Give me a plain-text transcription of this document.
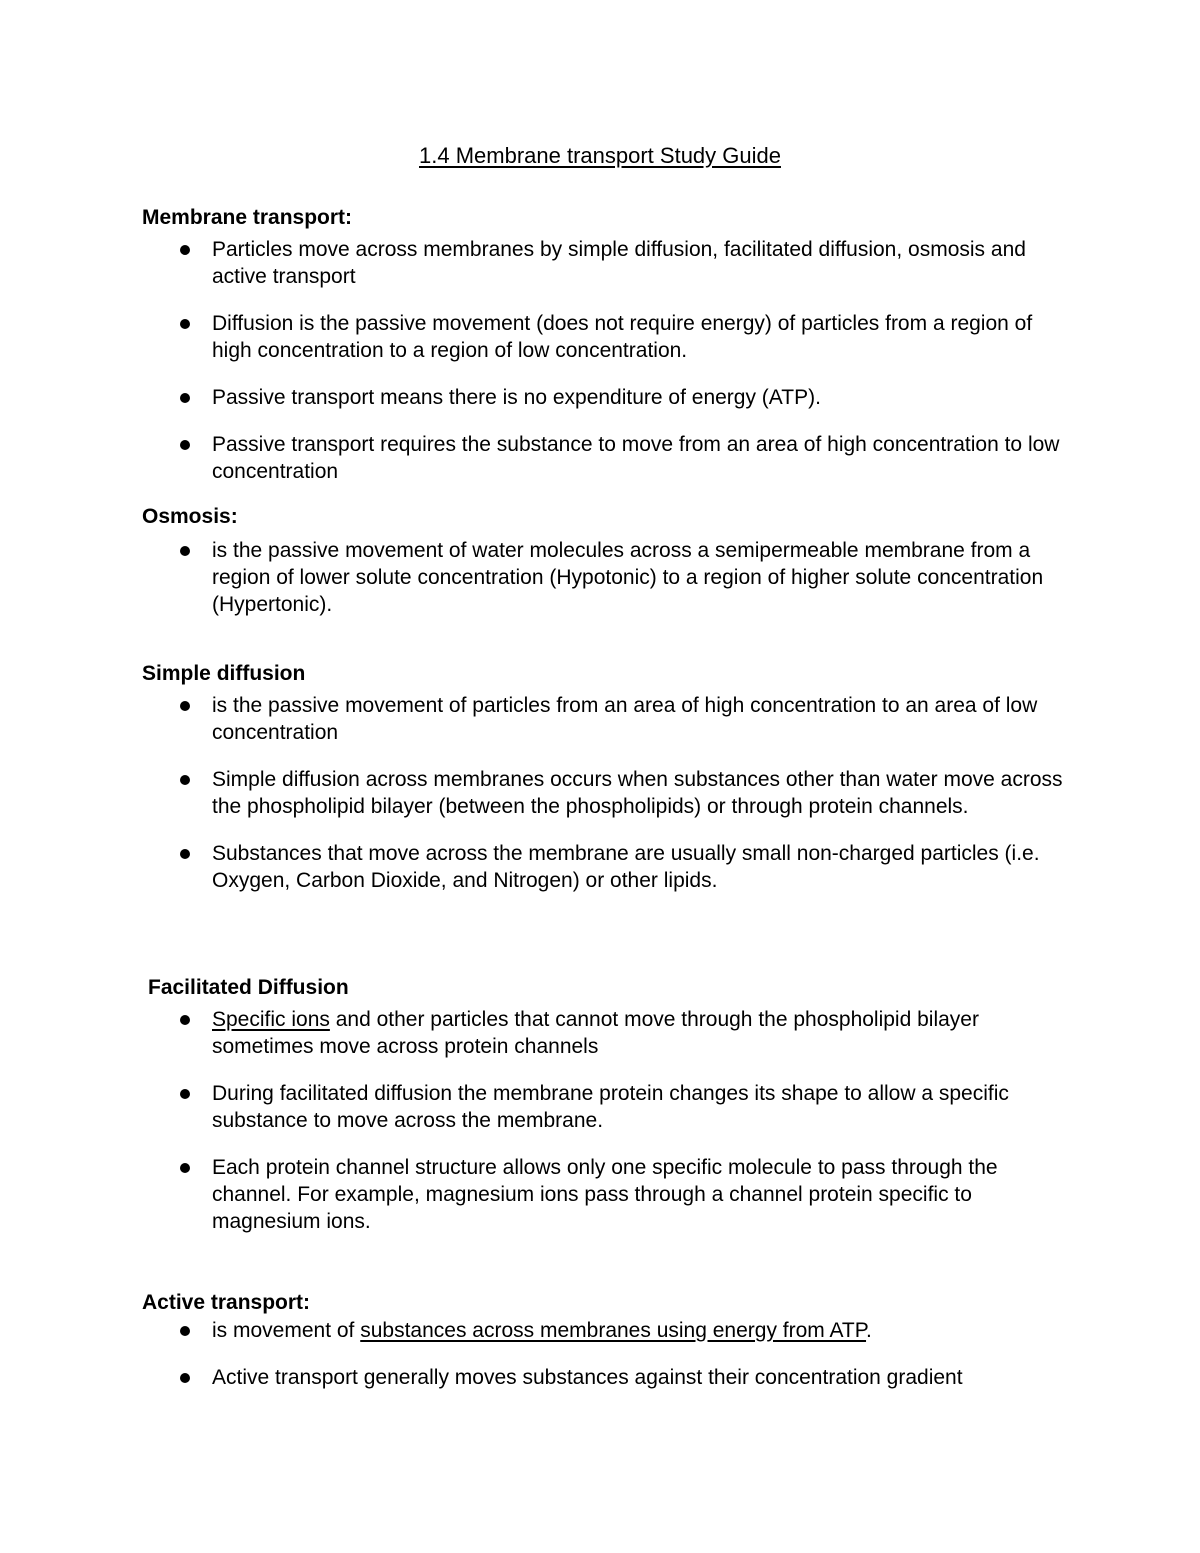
1.4 Membrane transport Study Guide

Membrane transport:

Particles move across membranes by simple diffusion, facilitated diffusion, osmosis and active transport
Diffusion is the passive movement (does not require energy) of particles from a region of high concentration to a region of low concentration.
Passive transport means there is no expenditure of energy (ATP).
Passive transport requires the substance to move from an area of high concentration to low concentration

Osmosis:

is the passive movement of water molecules across a semipermeable membrane from a region of lower solute concentration (Hypotonic) to a region of higher solute concentration (Hypertonic).

Simple diffusion

is the passive movement of particles from an area of high concentration to an area of low concentration
Simple diffusion across membranes occurs when substances other than water move across the phospholipid bilayer (between the phospholipids) or through protein channels.
Substances that move across the membrane are usually small non-charged particles (i.e. Oxygen, Carbon Dioxide, and Nitrogen) or other lipids.

Facilitated Diffusion

Specific ions and other particles that cannot move through the phospholipid bilayer sometimes move across protein channels
During facilitated diffusion the membrane protein changes its shape to allow a specific substance to move across the membrane.
Each protein channel structure allows only one specific molecule to pass through the channel. For example, magnesium ions pass through a channel protein specific to magnesium ions.

Active transport:

is movement of substances across membranes using energy from ATP.
Active transport generally moves substances against their concentration gradient
